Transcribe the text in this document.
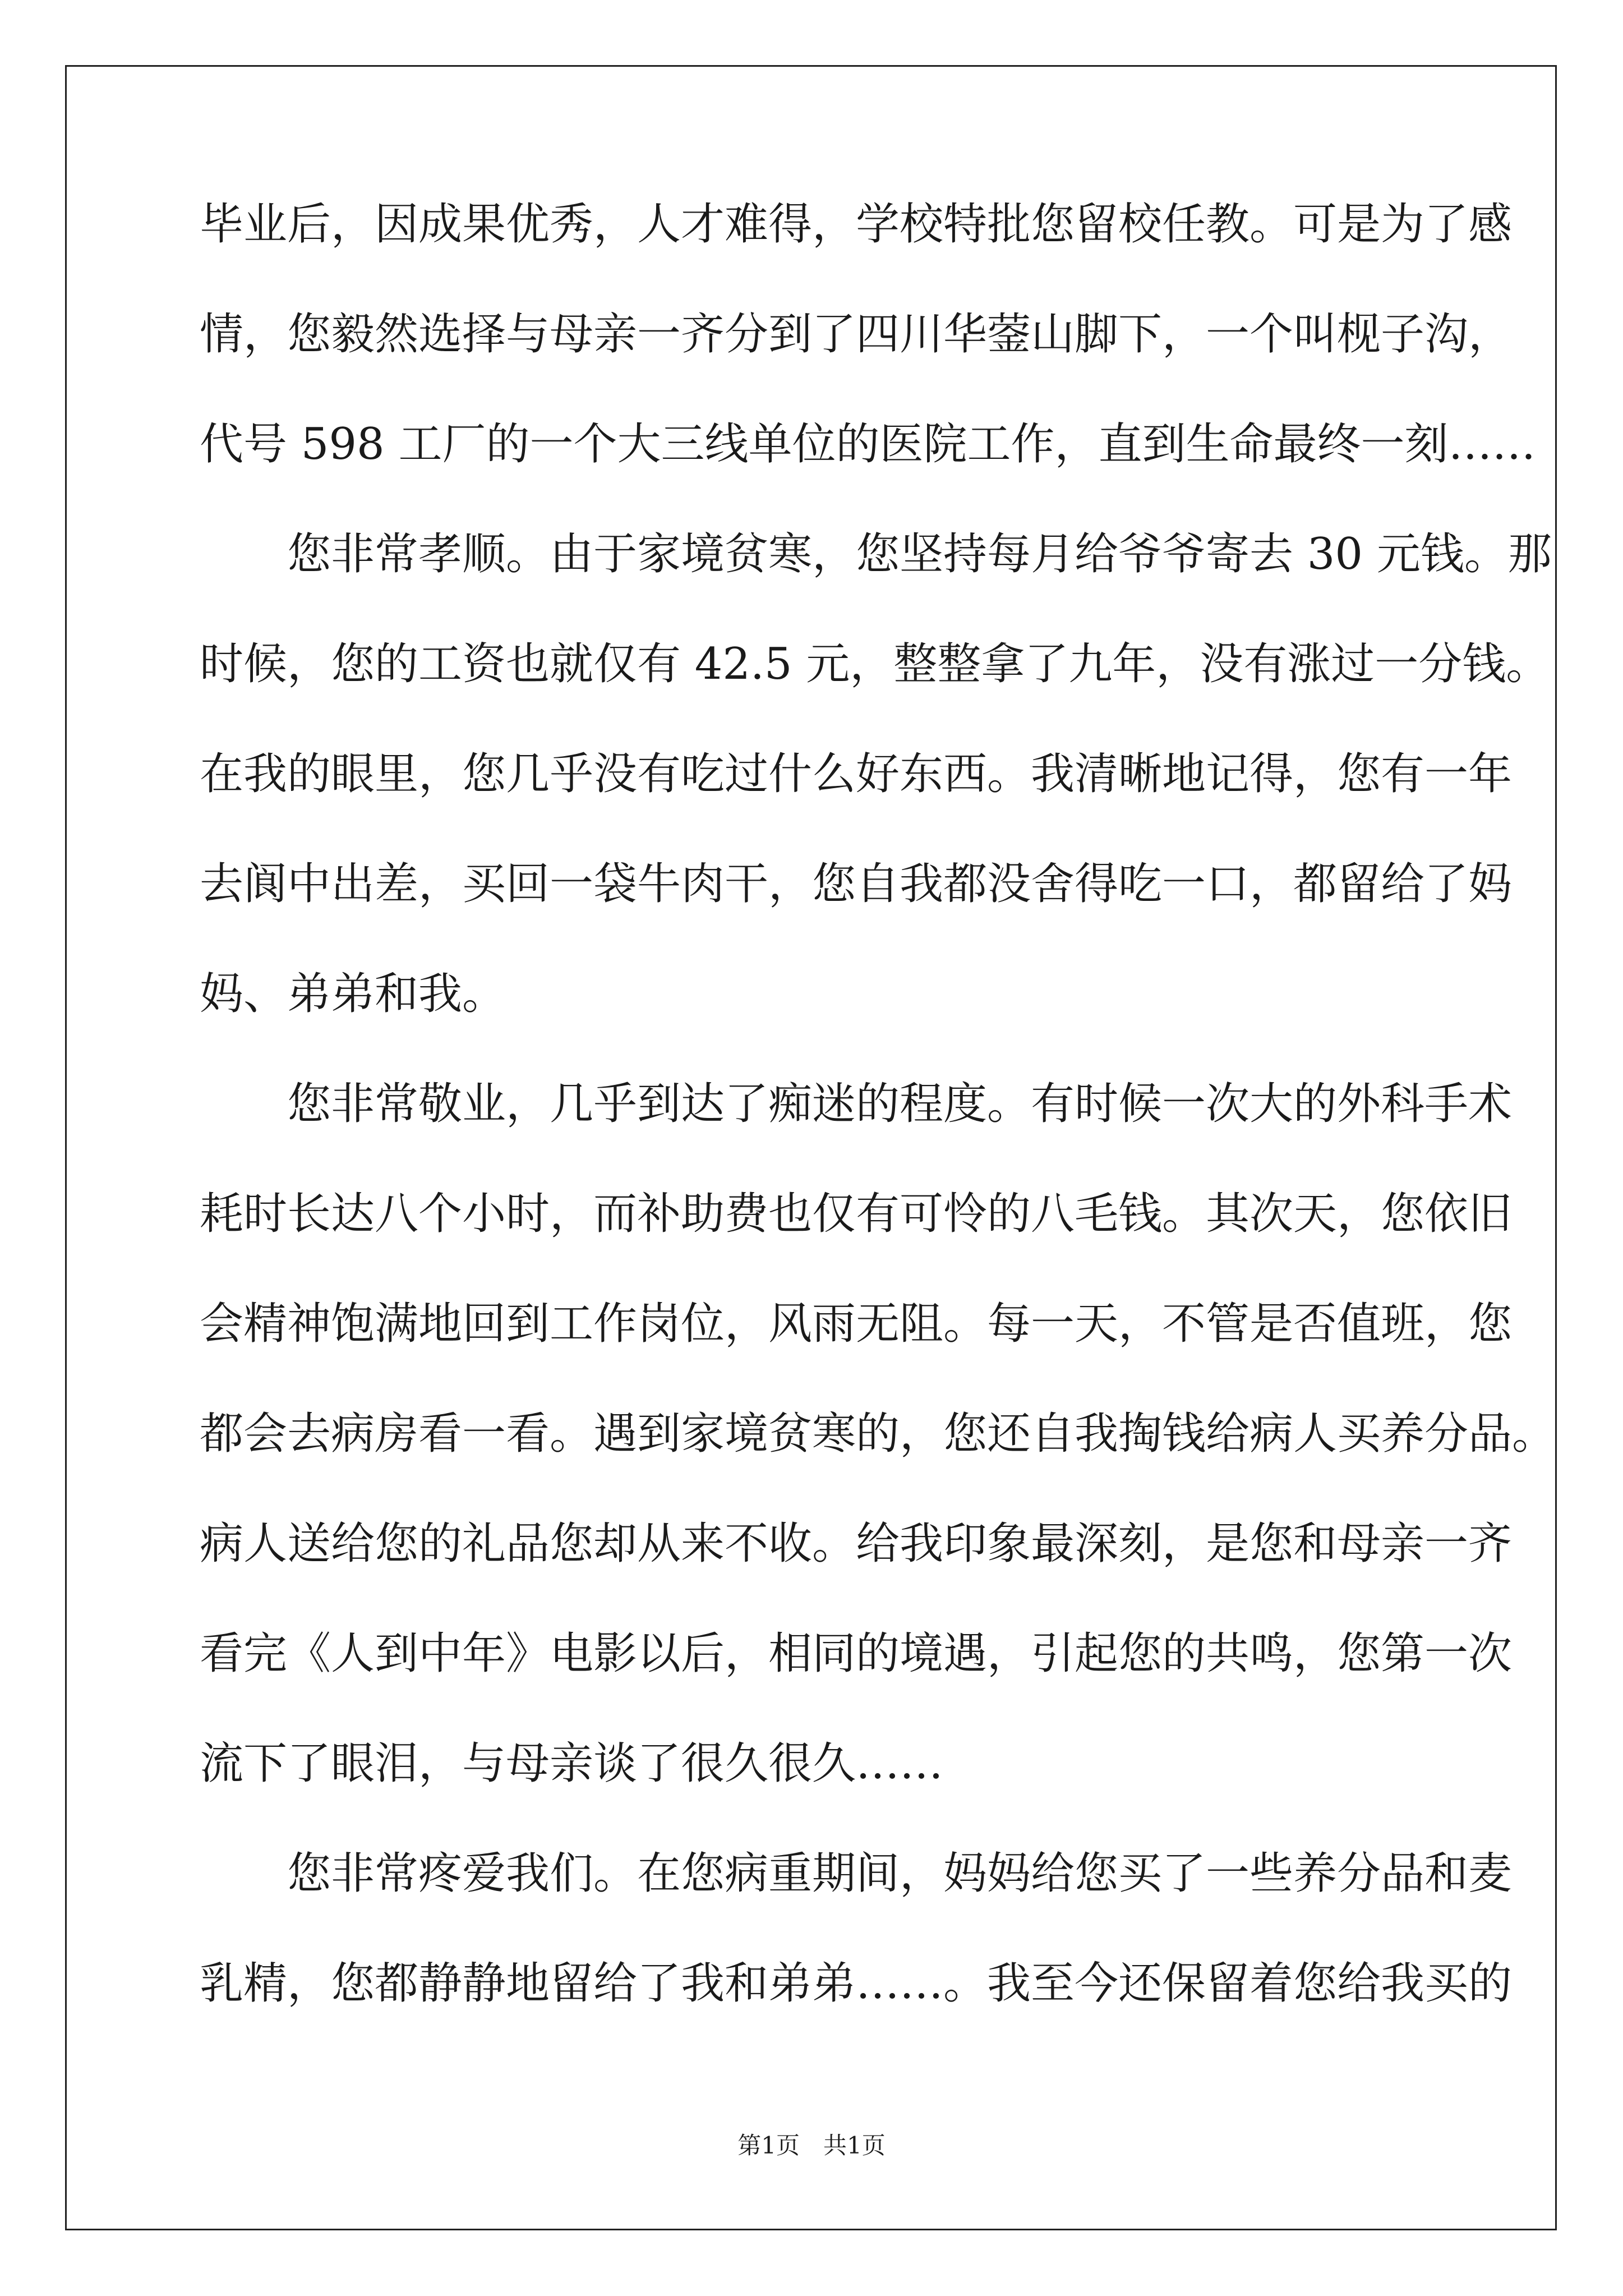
毕业后，因成果优秀，人才难得，学校特批您留校任教。可是为了感
情，您毅然选择与母亲一齐分到了四川华蓥山脚下，一个叫枧子沟，
代号 598 工厂的一个大三线单位的医院工作，直到生命最终一刻……
　　您非常孝顺。由于家境贫寒，您坚持每月给爷爷寄去 30 元钱。那
时候，您的工资也就仅有 42.5 元，整整拿了九年，没有涨过一分钱。
在我的眼里，您几乎没有吃过什么好东西。我清晰地记得，您有一年
去阆中出差，买回一袋牛肉干，您自我都没舍得吃一口，都留给了妈
妈、弟弟和我。
　　您非常敬业，几乎到达了痴迷的程度。有时候一次大的外科手术
耗时长达八个小时，而补助费也仅有可怜的八毛钱。其次天，您依旧
会精神饱满地回到工作岗位，风雨无阻。每一天，不管是否值班，您
都会去病房看一看。遇到家境贫寒的，您还自我掏钱给病人买养分品。
病人送给您的礼品您却从来不收。给我印象最深刻，是您和母亲一齐
看完《人到中年》电影以后，相同的境遇，引起您的共鸣，您第一次
流下了眼泪，与母亲谈了很久很久……
　　您非常疼爱我们。在您病重期间，妈妈给您买了一些养分品和麦
乳精，您都静静地留给了我和弟弟……。我至今还保留着您给我买的
第1页　共1页
